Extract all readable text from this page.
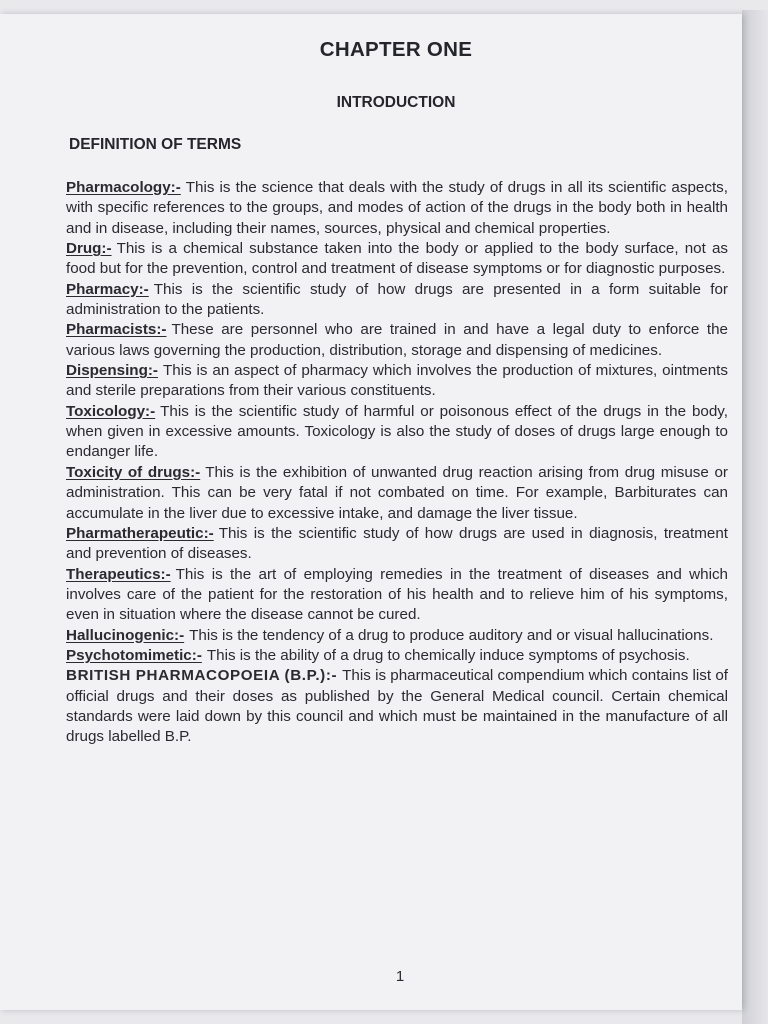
CHAPTER ONE
INTRODUCTION
DEFINITION OF TERMS

Pharmacology:- This is the science that deals with the study of drugs in all its scientific aspects, with specific references to the groups, and modes of action of the drugs in the body both in health and in disease, including their names, sources, physical and chemical properties.

Drug:- This is a chemical substance taken into the body or applied to the body surface, not as food but for the prevention, control and treatment of disease symptoms or for diagnostic purposes.

Pharmacy:- This is the scientific study of how drugs are presented in a form suitable for administration to the patients.

Pharmacists:- These are personnel who are trained in and have a legal duty to enforce the various laws governing the production, distribution, storage and dispensing of medicines.

Dispensing:- This is an aspect of pharmacy which involves the production of mixtures, ointments and sterile preparations from their various constituents.

Toxicology:- This is the scientific study of harmful or poisonous effect of the drugs in the body, when given in excessive amounts. Toxicology is also the study of doses of drugs large enough to endanger life.

Toxicity of drugs:- This is the exhibition of unwanted drug reaction arising from drug misuse or administration. This can be very fatal if not combated on time. For example, Barbiturates can accumulate in the liver due to excessive intake, and damage the liver tissue.

Pharmatherapeutic:- This is the scientific study of how drugs are used in diagnosis, treatment and prevention of diseases.

Therapeutics:- This is the art of employing remedies in the treatment of diseases and which involves care of the patient for the restoration of his health and to relieve him of his symptoms, even in situation where the disease cannot be cured.

Hallucinogenic:- This is the tendency of a drug to produce auditory and or visual hallucinations.

Psychotomimetic:- This is the ability of a drug to chemically induce symptoms of psychosis.

BRITISH PHARMACOPOEIA (B.P.):- This is pharmaceutical compendium which contains list of official drugs and their doses as published by the General Medical council. Certain chemical standards were laid down by this council and which must be maintained in the manufacture of all drugs labelled B.P.

1
